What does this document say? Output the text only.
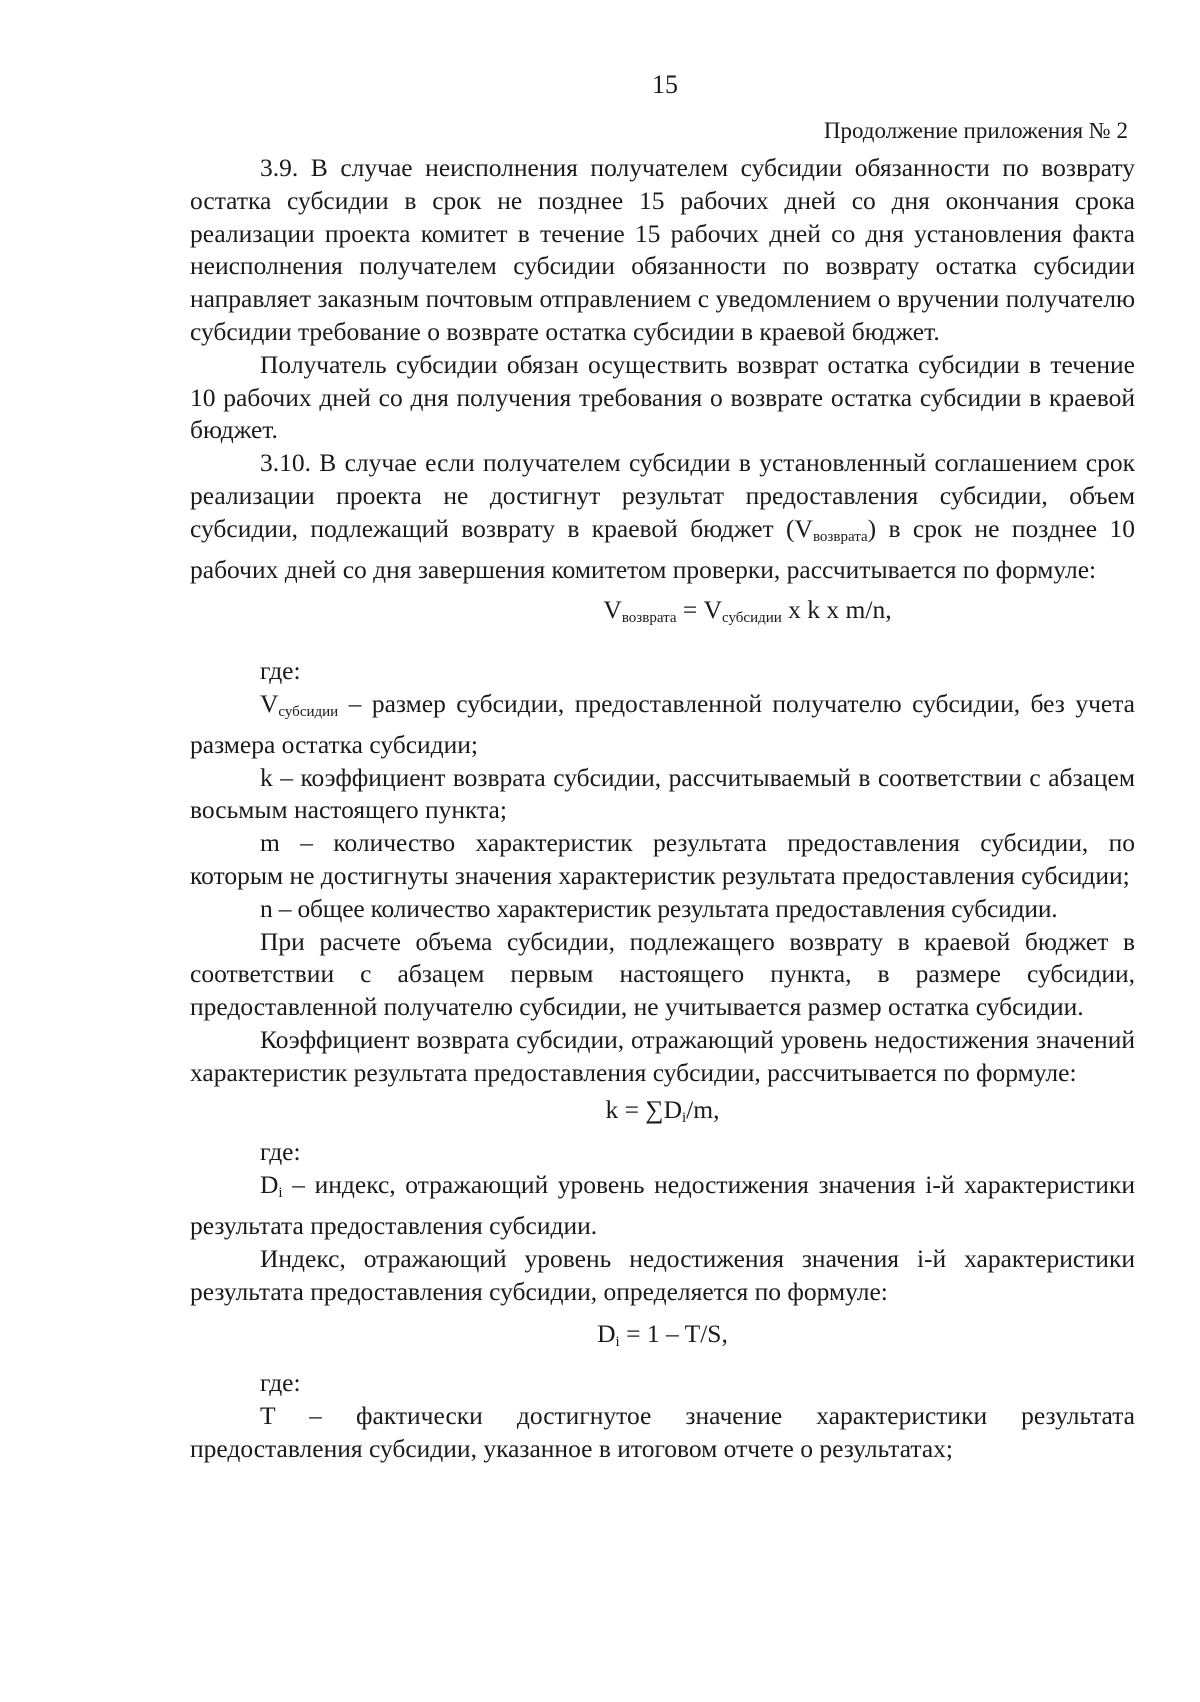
15
Продолжение приложения № 2

3.9. В случае неисполнения получателем субсидии обязанности по возврату остатка субсидии в срок не позднее 15 рабочих дней со дня окончания срока реализации проекта комитет в течение 15 рабочих дней со дня установления факта неисполнения получателем субсидии обязанности по возврату остатка субсидии направляет заказным почтовым отправлением с уведомлением о вручении получателю субсидии требование о возврате остатка субсидии в краевой бюджет.

Получатель субсидии обязан осуществить возврат остатка субсидии в течение 10 рабочих дней со дня получения требования о возврате остатка субсидии в краевой бюджет.

3.10. В случае если получателем субсидии в установленный соглашением срок реализации проекта не достигнут результат предоставления субсидии, объем субсидии, подлежащий возврату в краевой бюджет $(V_{возврата})$ в срок не позднее 10 рабочих дней со дня завершения комитетом проверки, рассчитывается по формуле:

$V_{возврата} = V_{субсидии}$ x k x m/n,

где:

$V_{субсидии}$ – размер субсидии, предоставленной получателю субсидии, без учета размера остатка субсидии;

k – коэффициент возврата субсидии, рассчитываемый в соответствии с абзацем восьмым настоящего пункта;

m – количество характеристик результата предоставления субсидии, по которым не достигнуты значения характеристик результата предоставления субсидии;

n – общее количество характеристик результата предоставления субсидии.

При расчете объема субсидии, подлежащего возврату в краевой бюджет в соответствии с абзацем первым настоящего пункта, в размере субсидии, предоставленной получателю субсидии, не учитывается размер остатка субсидии.

Коэффициент возврата субсидии, отражающий уровень недостижения значений характеристик результата предоставления субсидии, рассчитывается по формуле:

$k = \sum D_i/m$,

где:

$D_i$ – индекс, отражающий уровень недостижения значения i-й характеристики результата предоставления субсидии.

Индекс, отражающий уровень недостижения значения i-й характеристики результата предоставления субсидии, определяется по формуле:

$D_i = 1 - T/S$,

где:

T – фактически достигнутое значение характеристики результата предоставления субсидии, указанное в итоговом отчете о результатах;
